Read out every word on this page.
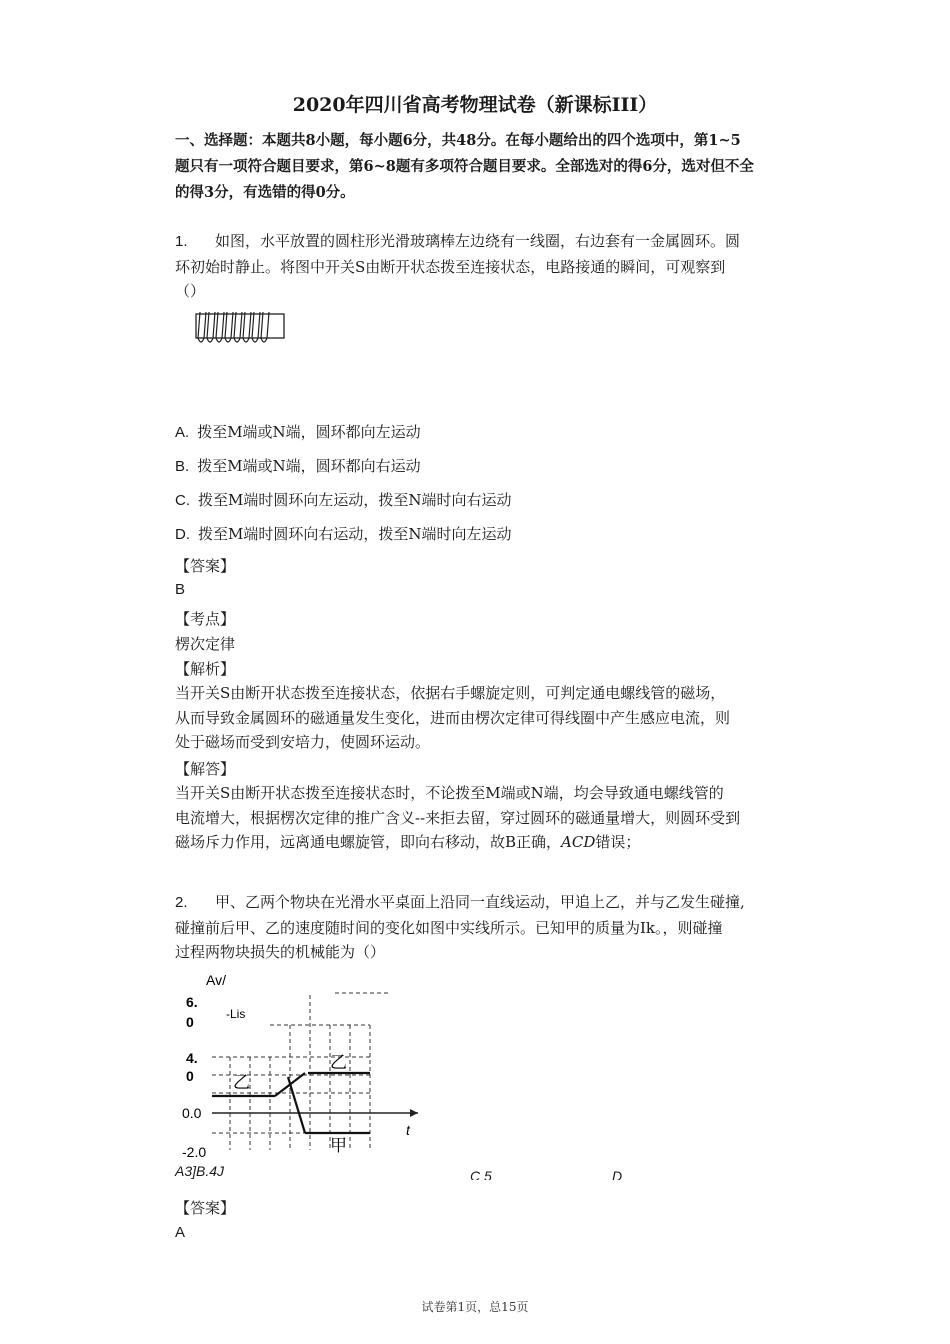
2020年四川省高考物理试卷（新课标III）
一、选择题：本题共8小题，每小题6分，共48分。在每小题给出的四个选项中，第1~5
题只有一项符合题目要求，第6~8题有多项符合题目要求。全部选对的得6分，选对但不全
的得3分，有选错的得0分。
1. 如图，水平放置的圆柱形光滑玻璃棒左边绕有一线圈，右边套有一金属圆环。圆
环初始时静止。将图中开关S由断开状态拨至连接状态，电路接通的瞬间，可观察到
（）
A. 拨至M端或N端，圆环都向左运动
B. 拨至M端或N端，圆环都向右运动
C. 拨至M端时圆环向左运动，拨至N端时向右运动
D. 拨至M端时圆环向右运动，拨至N端时向左运动
【答案】
B
【考点】
楞次定律
【解析】
当开关S由断开状态拨至连接状态，依据右手螺旋定则，可判定通电螺线管的磁场，
从而导致金属圆环的磁通量发生变化，进而由楞次定律可得线圈中产生感应电流，则
处于磁场而受到安培力，使圆环运动。
【解答】
当开关S由断开状态拨至连接状态时，不论拨至M端或N端，均会导致通电螺线管的
电流增大，根据楞次定律的推广含义--来拒去留，穿过圆环的磁通量增大，则圆环受到
磁场斥力作用，远离通电螺旋管，即向右移动，故B正确，ACD错误；
2. 甲、乙两个物块在光滑水平桌面上沿同一直线运动，甲追上乙，并与乙发生碰撞,
碰撞前后甲、乙的速度随时间的变化如图中实线所示。已知甲的质量为Ik。，则碰撞
过程两物块损失的机械能为（）
Av/
6.
0	-Lis
4.
0
0.0
-2.0
t
乙
乙
甲
A3]B.4J	C 5	D
【答案】
A
试卷第1页，总15页
